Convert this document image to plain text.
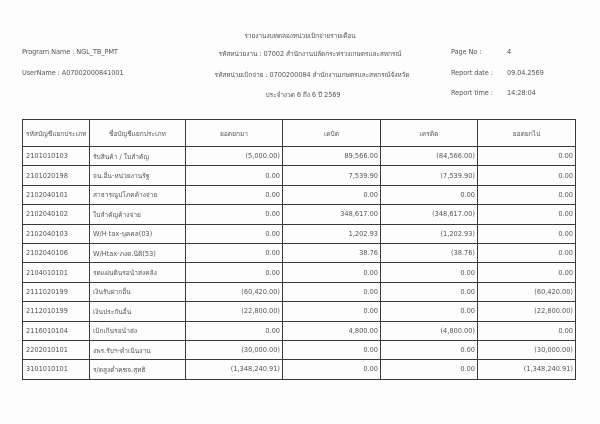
รายงานงบทดลองหน่วยเบิกจ่ายรายเดือน
Program Name : NGL_TB_PMT	รหัสหน่วยงาน : 07002 สำนักงานปลัดกระทรวงเกษตรและสหกรณ์	Page No :	4
UserName : A07002000841001	รหัสหน่วยเบิกจ่าย : 0700200084 สำนักงานเกษตรและสหกรณ์จังหวัด	Report date : 09.04.2569
ประจำงวด 6 ถึง 6 ปี 2569	Report time : 14:28:04
รหัสบัญชีแยกประเภท	ชื่อบัญชีแยกประเภท	ยอดยกมา	เดบิต	เครดิต	ยอดยกไป
2101010103	รับสินค้า / ใบสำคัญ	(5,000.00)	89,566.00	(84,566.00)	0.00
2101020198	จน.อื่น-หน่วยงานรัฐ	0.00	7,539.90	(7,539.90)	0.00
2102040101	สาธารณูปโภคค้างจ่าย	0.00	0.00	0.00	0.00
2102040102	ใบสำคัญค้างจ่าย	0.00	348,617.00	(348,617.00)	0.00
2102040103	W/H tax-บุคคล(03)	0.00	1,202.93	(1,202.93)	0.00
2102040106	W/Htax-ภงด.นิติ(53)	0.00	38.76	(38.76)	0.00
2104010101	รดแผ่นดินรอนำส่งคลัง	0.00	0.00	0.00	0.00
2111020199	เงินรับฝากอื่น	(60,420.00)	0.00	0.00	(60,420.00)
2112010199	เงินประกันอื่น	(22,800.00)	0.00	0.00	(22,800.00)
2116010104	เบิกเกินรอนำส่ง	0.00	4,800.00	(4,800.00)	0.00
2202010101	งพร.รับฯ-ดำเนินงาน	(30,000.00)	0.00	0.00	(30,000.00)
3101010101	ร/ดสูงต่ำคชจ.สุทธิ	(1,348,240.91)	0.00	0.00	(1,348,240.91)
